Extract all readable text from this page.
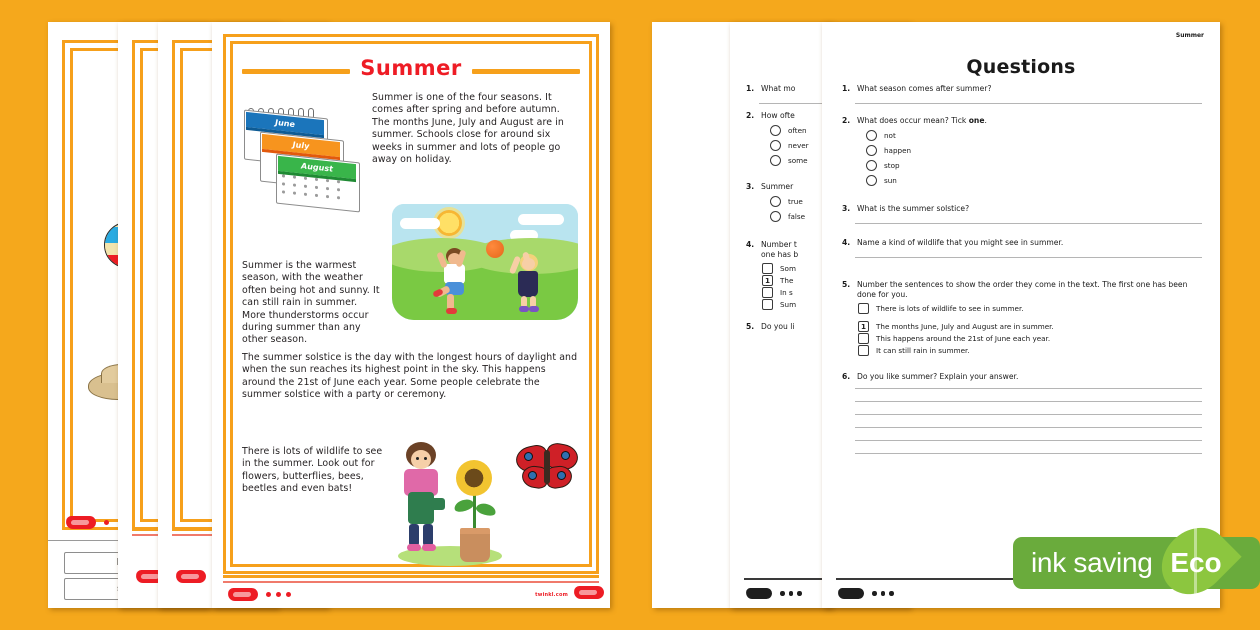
Summer
June
July
August
Summer is one of the four seasons. It comes after spring and before autumn. The months June, July and August are in summer. Schools close for around six weeks in summer and lots of people go away on holiday.
Summer is the warmest season, with the weather often being hot and sunny. It can still rain in summer. More thunderstorms occur during summer than any other season.
The summer solstice is the day with the longest hours of daylight and when the sun reaches its highest point in the sky. This happens around the 21st of June each year. Some people celebrate the summer solstice with a party or ceremony.
There is lots of wildlife to see in the summer. Look out for flowers, butterflies, bees, beetles and even bats!
twinkl.com
1. What mo
2. How ofte
often
never
some
3. Summer
true
false
4. Number t
one has b
Som
1	The
In s
Sum
5. Do you li
Summer
Questions
1. What season comes after summer?
2. What does occur mean? Tick one.
not
happen
stop
sun
3. What is the summer solstice?
4. Name a kind of wildlife that you might see in summer.
5. Number the sentences to show the order they come in the text. The first one has been done for you.
There is lots of wildlife to see in summer.
1	The months June, July and August are in summer.
This happens around the 21st of June each year.
It can still rain in summer.
6. Do you like summer? Explain your answer.
ink saving Eco
